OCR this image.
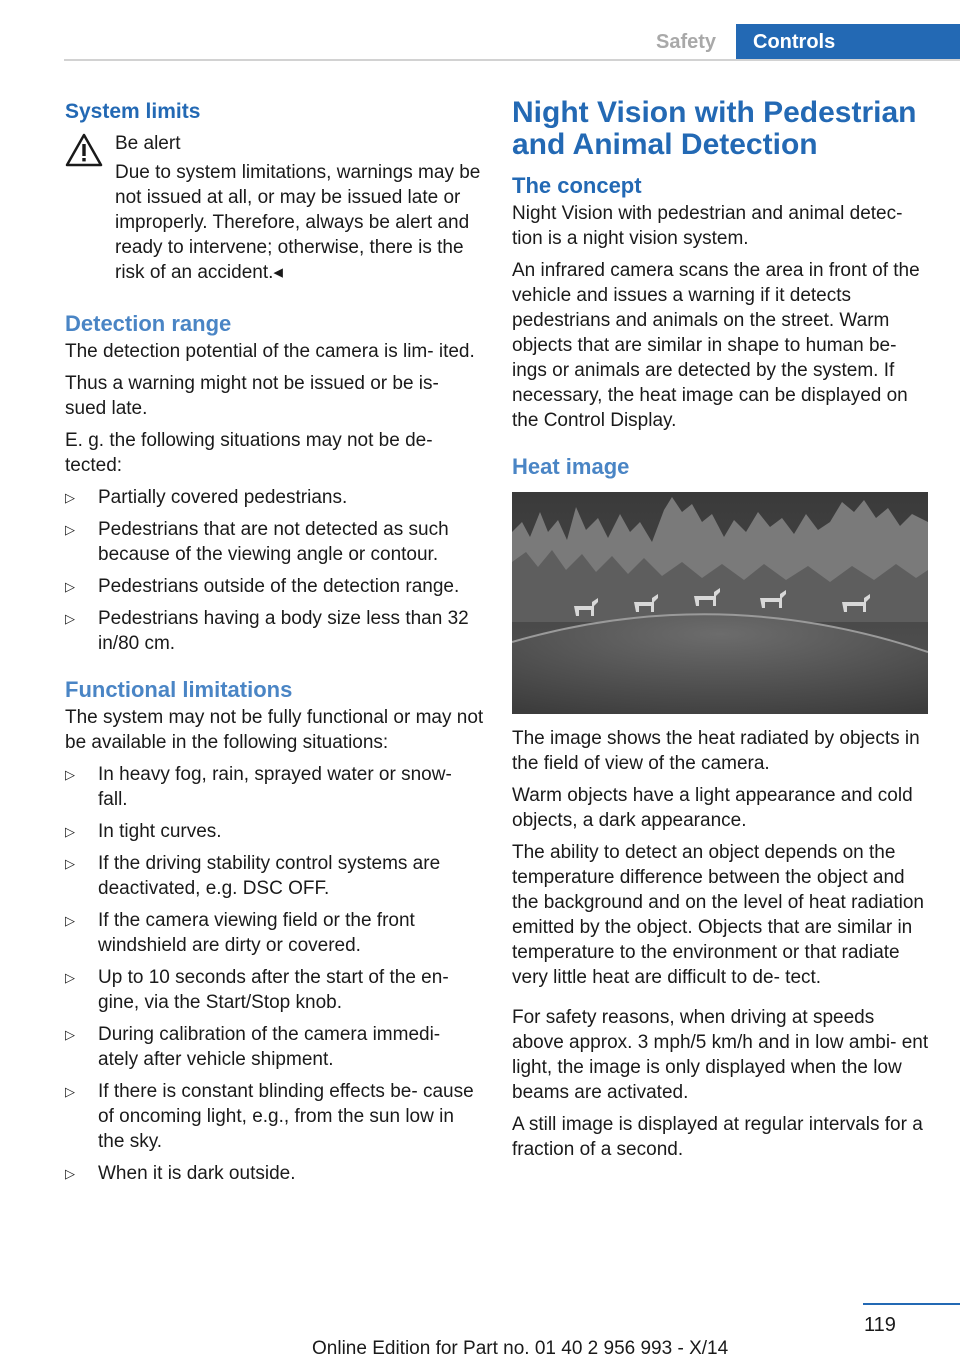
Safety	Controls
System limits

Be alert

Due to system limitations, warnings may be not issued at all, or may be issued late or improperly. Therefore, always be alert and ready to intervene; otherwise, there is the risk of an accident.◂

Detection range

The detection potential of the camera is lim‑ ited.

Thus a warning might not be issued or be is‑ sued late.

E. g. the following situations may not be de‑ tected:

▷ Partially covered pedestrians.
▷ Pedestrians that are not detected as such because of the viewing angle or contour.
▷ Pedestrians outside of the detection range.
▷ Pedestrians having a body size less than 32 in/80 cm.
Functional limitations

The system may not be fully functional or may not be available in the following situations:

▷ In heavy fog, rain, sprayed water or snow‑ fall.
▷ In tight curves.
▷ If the driving stability control systems are deactivated, e.g. DSC OFF.
▷ If the camera viewing field or the front windshield are dirty or covered.
▷ Up to 10 seconds after the start of the en‑ gine, via the Start/Stop knob.
▷ During calibration of the camera immedi‑ ately after vehicle shipment.
▷ If there is constant blinding effects be‑ cause of oncoming light, e.g., from the sun low in the sky.
▷ When it is dark outside.
Night Vision with Pedestrian and Animal Detection
The concept

Night Vision with pedestrian and animal detec‑ tion is a night vision system.

An infrared camera scans the area in front of the vehicle and issues a warning if it detects pedestrians and animals on the street. Warm objects that are similar in shape to human be‑ ings or animals are detected by the system. If necessary, the heat image can be displayed on the Control Display.

Heat image

The image shows the heat radiated by objects in the field of view of the camera.

Warm objects have a light appearance and cold objects, a dark appearance.

The ability to detect an object depends on the temperature difference between the object and the background and on the level of heat radiation emitted by the object. Objects that are similar in temperature to the environment or that radiate very little heat are difficult to de‑ tect.

For safety reasons, when driving at speeds above approx. 3 mph/5 km/h and in low ambi‑ ent light, the image is only displayed when the low beams are activated.

A still image is displayed at regular intervals for a fraction of a second.

119
Online Edition for Part no. 01 40 2 956 993 - X/14
